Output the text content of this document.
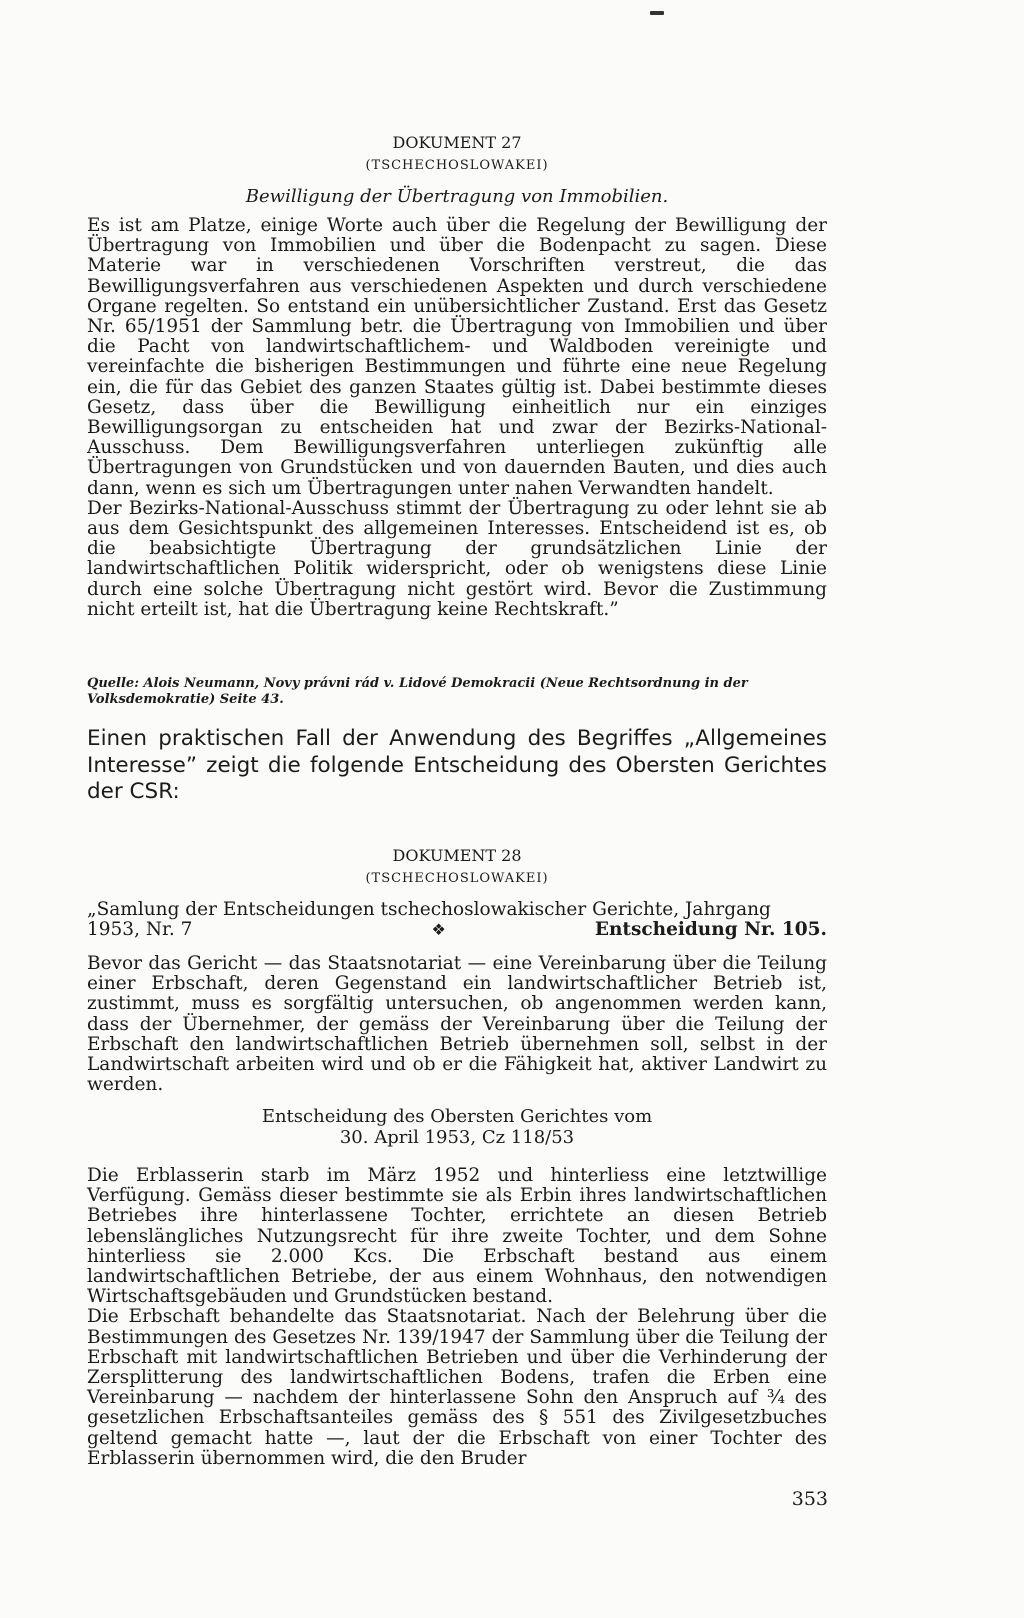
DOKUMENT 27
(TSCHECHOSLOWAKEI)
Bewilligung der Übertragung von Immobilien.

Es ist am Platze, einige Worte auch über die Regelung der Bewilligung der Übertragung von Immobilien und über die Bodenpacht zu sagen. Diese Materie war in verschiedenen Vorschriften verstreut, die das Bewilligungsverfahren aus verschiedenen Aspekten und durch verschiedene Organe regelten. So entstand ein unübersichtlicher Zustand. Erst das Gesetz Nr. 65/1951 der Sammlung betr. die Übertragung von Immobilien und über die Pacht von landwirtschaftlichem- und Waldboden vereinigte und vereinfachte die bisherigen Bestimmungen und führte eine neue Regelung ein, die für das Gebiet des ganzen Staates gültig ist. Dabei bestimmte dieses Gesetz, dass über die Bewilligung einheitlich nur ein einziges Bewilligungsorgan zu entscheiden hat und zwar der Bezirks-National-Ausschuss. Dem Bewilligungsverfahren unterliegen zukünftig alle Übertragungen von Grundstücken und von dauernden Bauten, und dies auch dann, wenn es sich um Übertragungen unter nahen Verwandten handelt.

Der Bezirks-National-Ausschuss stimmt der Übertragung zu oder lehnt sie ab aus dem Gesichtspunkt des allgemeinen Interesses. Entscheidend ist es, ob die beabsichtigte Übertragung der grundsätzlichen Linie der landwirtschaftlichen Politik widerspricht, oder ob wenigstens diese Linie durch eine solche Übertragung nicht gestört wird. Bevor die Zustimmung nicht erteilt ist, hat die Übertragung keine Rechtskraft.”

Quelle: Alois Neumann, Novy právni rád v. Lidové Demokracii (Neue Rechtsordnung in der Volksdemokratie) Seite 43.
Einen praktischen Fall der Anwendung des Begriffes „Allgemeines Interesse” zeigt die folgende Entscheidung des Obersten Gerichtes der CSR:
DOKUMENT 28
(TSCHECHOSLOWAKEI)
„Samlung der Entscheidungen tschechoslowakischer Gerichte, Jahrgang
1953, Nr. 7	❖	Entscheidung Nr. 105.
Bevor das Gericht — das Staatsnotariat — eine Vereinbarung über die Teilung einer Erbschaft, deren Gegenstand ein landwirtschaftlicher Betrieb ist, zustimmt, muss es sorgfältig untersuchen, ob angenommen werden kann, dass der Übernehmer, der gemäss der Vereinbarung über die Teilung der Erbschaft den landwirtschaftlichen Betrieb übernehmen soll, selbst in der Landwirtschaft arbeiten wird und ob er die Fähigkeit hat, aktiver Landwirt zu werden.
Entscheidung des Obersten Gerichtes vom
30. April 1953, Cz 118/53

Die Erblasserin starb im März 1952 und hinterliess eine letztwillige Verfügung. Gemäss dieser bestimmte sie als Erbin ihres landwirtschaftlichen Betriebes ihre hinterlassene Tochter, errichtete an diesen Betrieb lebenslängliches Nutzungsrecht für ihre zweite Tochter, und dem Sohne hinterliess sie 2.000 Kcs. Die Erbschaft bestand aus einem landwirtschaftlichen Betriebe, der aus einem Wohnhaus, den notwendigen Wirtschaftsgebäuden und Grundstücken bestand.

Die Erbschaft behandelte das Staatsnotariat. Nach der Belehrung über die Bestimmungen des Gesetzes Nr. 139/1947 der Sammlung über die Teilung der Erbschaft mit landwirtschaftlichen Betrieben und über die Verhinderung der Zersplitterung des landwirtschaftlichen Bodens, trafen die Erben eine Vereinbarung — nachdem der hinterlassene Sohn den Anspruch auf ¾ des gesetzlichen Erbschaftsanteiles gemäss des § 551 des Zivilgesetzbuches geltend gemacht hatte —, laut der die Erbschaft von einer Tochter des Erblasserin übernommen wird, die den Bruder

353
